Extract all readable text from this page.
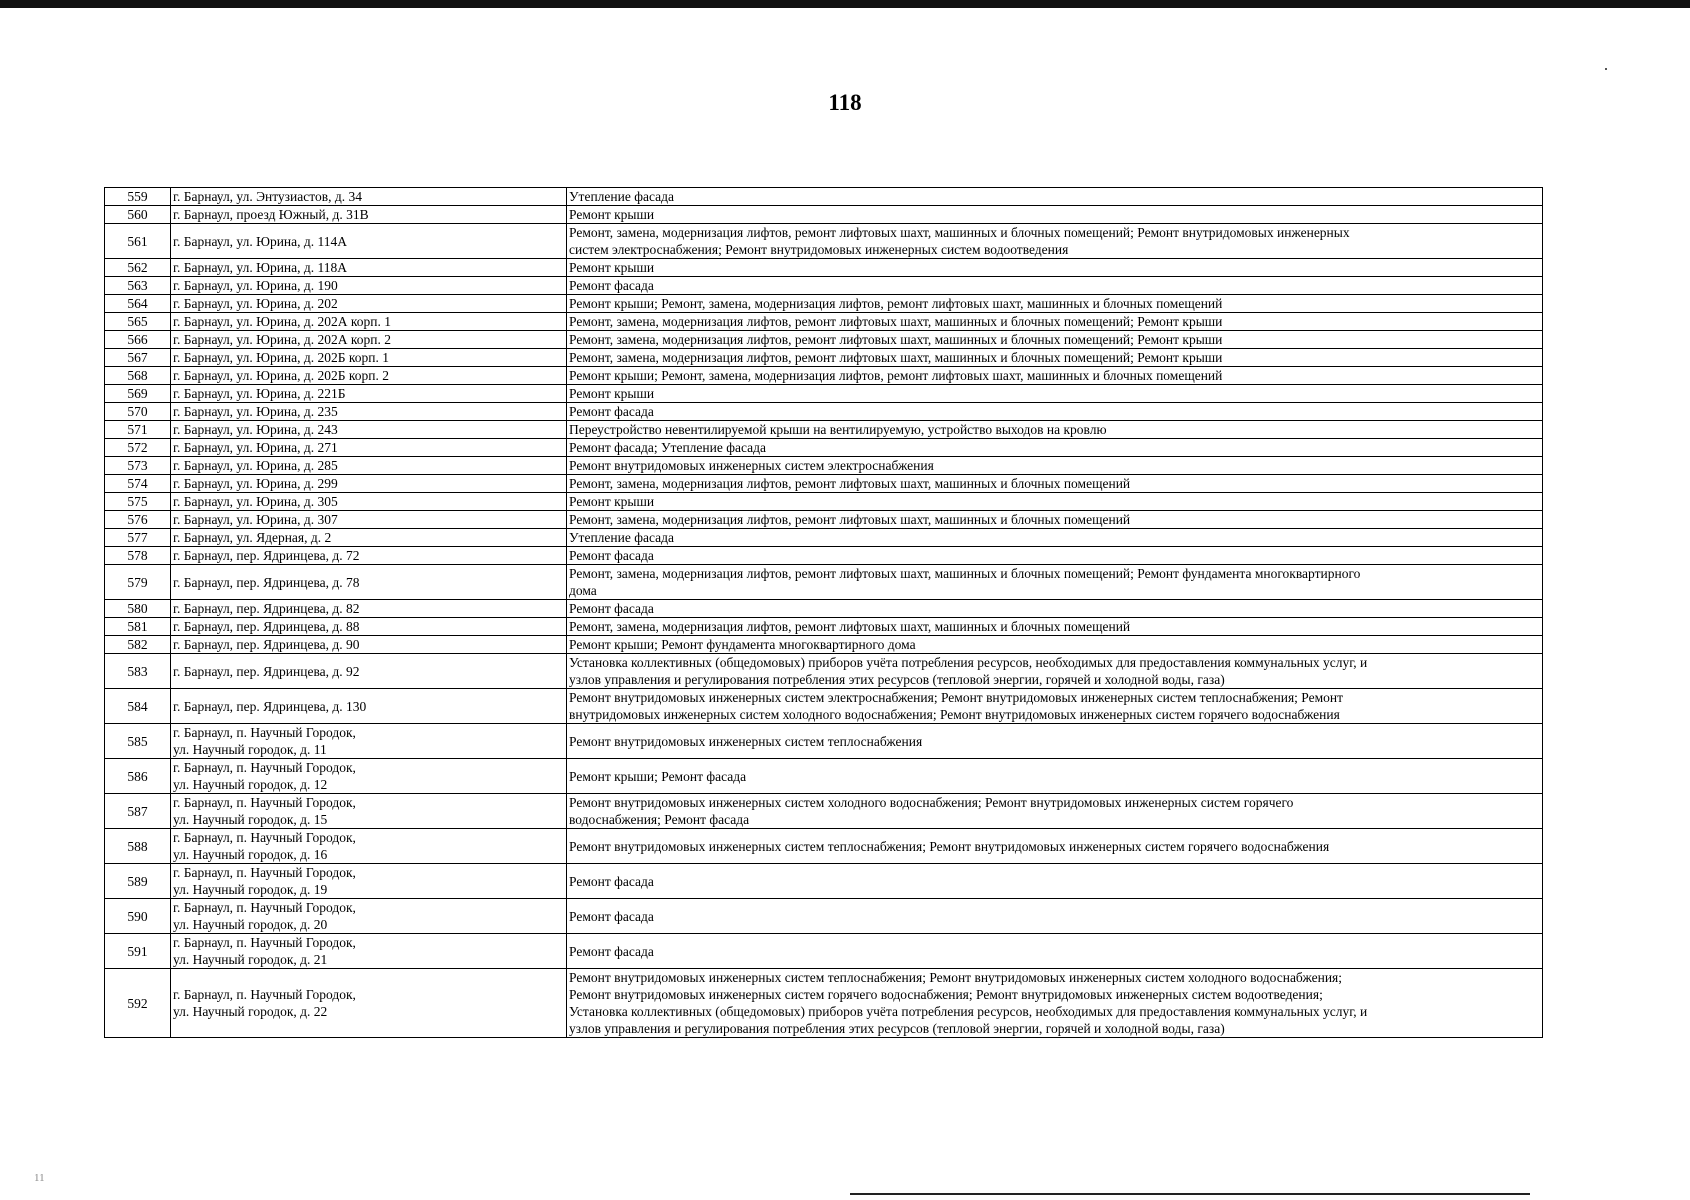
118
559	г. Барнаул, ул. Энтузиастов, д. 34	Утепление фасада
560	г. Барнаул, проезд Южный, д. 31В	Ремонт крыши
561	г. Барнаул, ул. Юрина, д. 114А	Ремонт, замена, модернизация лифтов, ремонт лифтовых шахт, машинных и блочных помещений; Ремонт внутридомовых инженерных
систем электроснабжения; Ремонт внутридомовых инженерных систем водоотведения
562	г. Барнаул, ул. Юрина, д. 118А	Ремонт крыши
563	г. Барнаул, ул. Юрина, д. 190	Ремонт фасада
564	г. Барнаул, ул. Юрина, д. 202	Ремонт крыши; Ремонт, замена, модернизация лифтов, ремонт лифтовых шахт, машинных и блочных помещений
565	г. Барнаул, ул. Юрина, д. 202А корп. 1	Ремонт, замена, модернизация лифтов, ремонт лифтовых шахт, машинных и блочных помещений; Ремонт крыши
566	г. Барнаул, ул. Юрина, д. 202А корп. 2	Ремонт, замена, модернизация лифтов, ремонт лифтовых шахт, машинных и блочных помещений; Ремонт крыши
567	г. Барнаул, ул. Юрина, д. 202Б корп. 1	Ремонт, замена, модернизация лифтов, ремонт лифтовых шахт, машинных и блочных помещений; Ремонт крыши
568	г. Барнаул, ул. Юрина, д. 202Б корп. 2	Ремонт крыши; Ремонт, замена, модернизация лифтов, ремонт лифтовых шахт, машинных и блочных помещений
569	г. Барнаул, ул. Юрина, д. 221Б	Ремонт крыши
570	г. Барнаул, ул. Юрина, д. 235	Ремонт фасада
571	г. Барнаул, ул. Юрина, д. 243	Переустройство невентилируемой крыши на вентилируемую, устройство выходов на кровлю
572	г. Барнаул, ул. Юрина, д. 271	Ремонт фасада; Утепление фасада
573	г. Барнаул, ул. Юрина, д. 285	Ремонт внутридомовых инженерных систем электроснабжения
574	г. Барнаул, ул. Юрина, д. 299	Ремонт, замена, модернизация лифтов, ремонт лифтовых шахт, машинных и блочных помещений
575	г. Барнаул, ул. Юрина, д. 305	Ремонт крыши
576	г. Барнаул, ул. Юрина, д. 307	Ремонт, замена, модернизация лифтов, ремонт лифтовых шахт, машинных и блочных помещений
577	г. Барнаул, ул. Ядерная, д. 2	Утепление фасада
578	г. Барнаул, пер. Ядринцева, д. 72	Ремонт фасада
579	г. Барнаул, пер. Ядринцева, д. 78	Ремонт, замена, модернизация лифтов, ремонт лифтовых шахт, машинных и блочных помещений; Ремонт фундамента многоквартирного
дома
580	г. Барнаул, пер. Ядринцева, д. 82	Ремонт фасада
581	г. Барнаул, пер. Ядринцева, д. 88	Ремонт, замена, модернизация лифтов, ремонт лифтовых шахт, машинных и блочных помещений
582	г. Барнаул, пер. Ядринцева, д. 90	Ремонт крыши; Ремонт фундамента многоквартирного дома
583	г. Барнаул, пер. Ядринцева, д. 92	Установка коллективных (общедомовых) приборов учёта потребления ресурсов, необходимых для предоставления коммунальных услуг, и
узлов управления и регулирования потребления этих ресурсов (тепловой энергии, горячей и холодной воды, газа)
584	г. Барнаул, пер. Ядринцева, д. 130	Ремонт внутридомовых инженерных систем электроснабжения; Ремонт внутридомовых инженерных систем теплоснабжения; Ремонт
внутридомовых инженерных систем холодного водоснабжения; Ремонт внутридомовых инженерных систем горячего водоснабжения
585	г. Барнаул, п. Научный Городок,
ул. Научный городок, д. 11	Ремонт внутридомовых инженерных систем теплоснабжения
586	г. Барнаул, п. Научный Городок,
ул. Научный городок, д. 12	Ремонт крыши; Ремонт фасада
587	г. Барнаул, п. Научный Городок,
ул. Научный городок, д. 15	Ремонт внутридомовых инженерных систем холодного водоснабжения; Ремонт внутридомовых инженерных систем горячего
водоснабжения; Ремонт фасада
588	г. Барнаул, п. Научный Городок,
ул. Научный городок, д. 16	Ремонт внутридомовых инженерных систем теплоснабжения; Ремонт внутридомовых инженерных систем горячего водоснабжения
589	г. Барнаул, п. Научный Городок,
ул. Научный городок, д. 19	Ремонт фасада
590	г. Барнаул, п. Научный Городок,
ул. Научный городок, д. 20	Ремонт фасада
591	г. Барнаул, п. Научный Городок,
ул. Научный городок, д. 21	Ремонт фасада
592	г. Барнаул, п. Научный Городок,
ул. Научный городок, д. 22	Ремонт внутридомовых инженерных систем теплоснабжения; Ремонт внутридомовых инженерных систем холодного водоснабжения;
Ремонт внутридомовых инженерных систем горячего водоснабжения; Ремонт внутридомовых инженерных систем водоотведения;
Установка коллективных (общедомовых) приборов учёта потребления ресурсов, необходимых для предоставления коммунальных услуг, и
узлов управления и регулирования потребления этих ресурсов (тепловой энергии, горячей и холодной воды, газа)
11
